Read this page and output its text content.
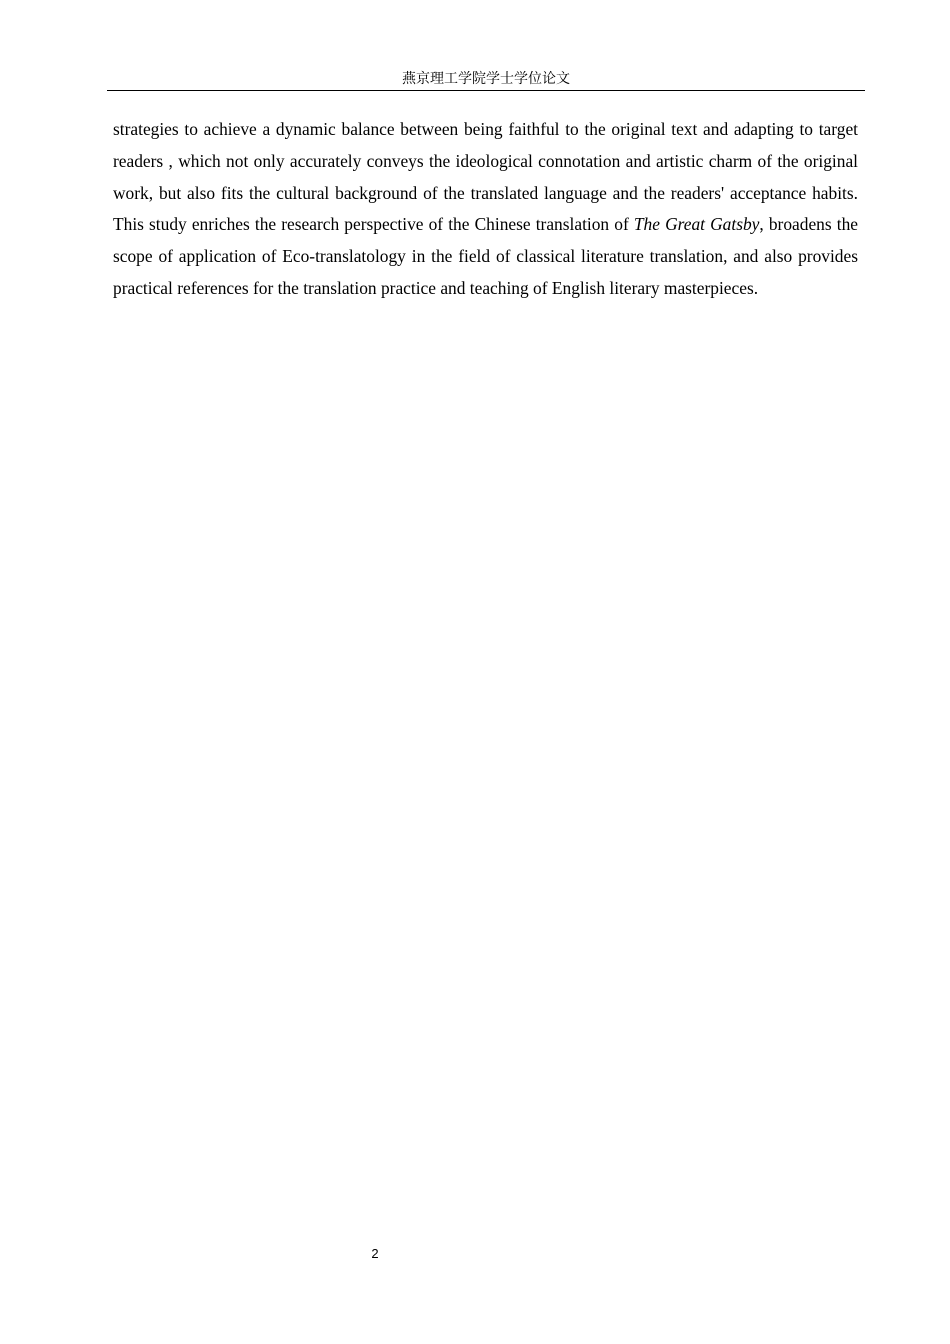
燕京理工学院学士学位论文

strategies to achieve a dynamic balance between being faithful to the original text and adapting to target readers , which not only accurately conveys the ideological connotation and artistic charm of the original work, but also fits the cultural background of the translated language and the readers' acceptance habits. This study enriches the research perspective of the Chinese translation of The Great Gatsby, broadens the scope of application of Eco-translatology in the field of classical literature translation, and also provides practical references for the translation practice and teaching of English literary masterpieces.

2
